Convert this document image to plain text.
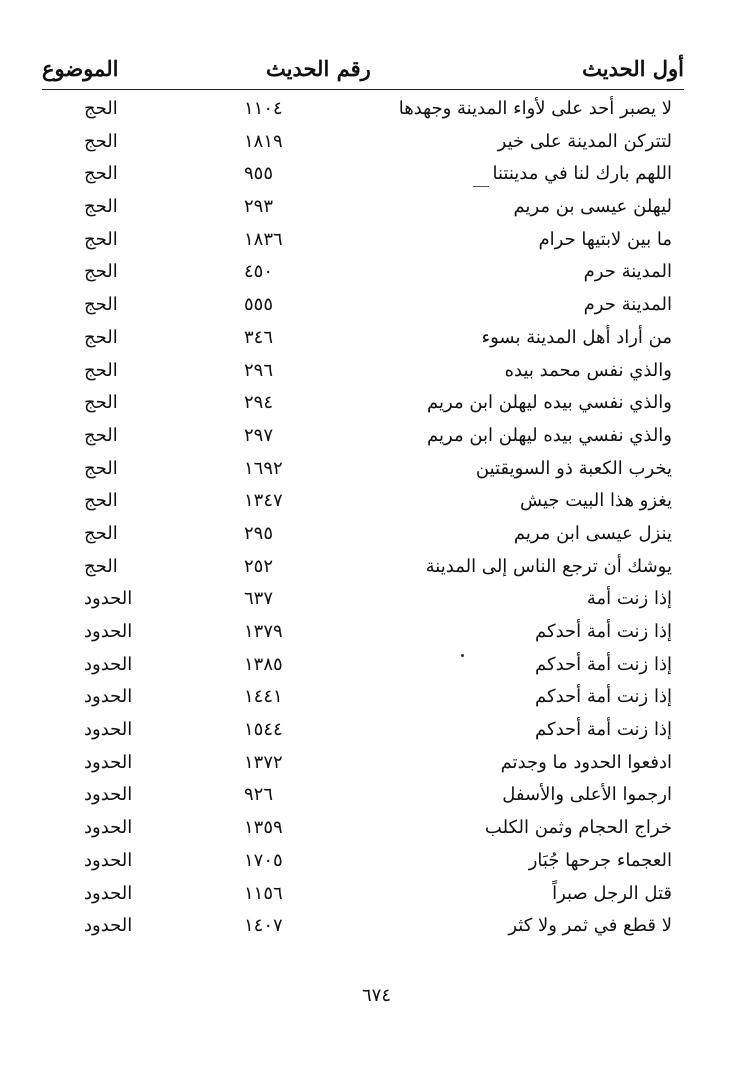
أول الحديث
رقم الحديث
الموضوع
لا يصبر أحد على لأواء المدينة وجهدها
١١٠٤
الحج
لتتركن المدينة على خير
١٨١٩
الحج
اللهم بارك لنا في مدينتنا
٩٥٥
الحج
ليهلن عيسى بن مريم
٢٩٣
الحج
ما بين لابتيها حرام
١٨٣٦
الحج
المدينة حرم
٤٥٠
الحج
المدينة حرم
٥٥٥
الحج
من أراد أهل المدينة بسوء
٣٤٦
الحج
والذي نفس محمد بيده
٢٩٦
الحج
والذي نفسي بيده ليهلن ابن مريم
٢٩٤
الحج
والذي نفسي بيده ليهلن ابن مريم
٢٩٧
الحج
يخرب الكعبة ذو السويقتين
١٦٩٢
الحج
يغزو هذا البيت جيش
١٣٤٧
الحج
ينزل عيسى ابن مريم
٢٩٥
الحج
يوشك أن ترجع الناس إلى المدينة
٢٥٢
الحج
إذا زنت أمة
٦٣٧
الحدود
إذا زنت أمة أحدكم
١٣٧٩
الحدود
إذا زنت أمة أحدكم
١٣٨٥
الحدود
إذا زنت أمة أحدكم
١٤٤١
الحدود
إذا زنت أمة أحدكم
١٥٤٤
الحدود
ادفعوا الحدود ما وجدتم
١٣٧٢
الحدود
ارجموا الأعلى والأسفل
٩٢٦
الحدود
خراج الحجام وثمن الكلب
١٣٥٩
الحدود
العجماء جرحها جُبَار
١٧٠٥
الحدود
قتل الرجل صبراً
١١٥٦
الحدود
لا قطع في ثمر ولا كثر
١٤٠٧
الحدود
٦٧٤
